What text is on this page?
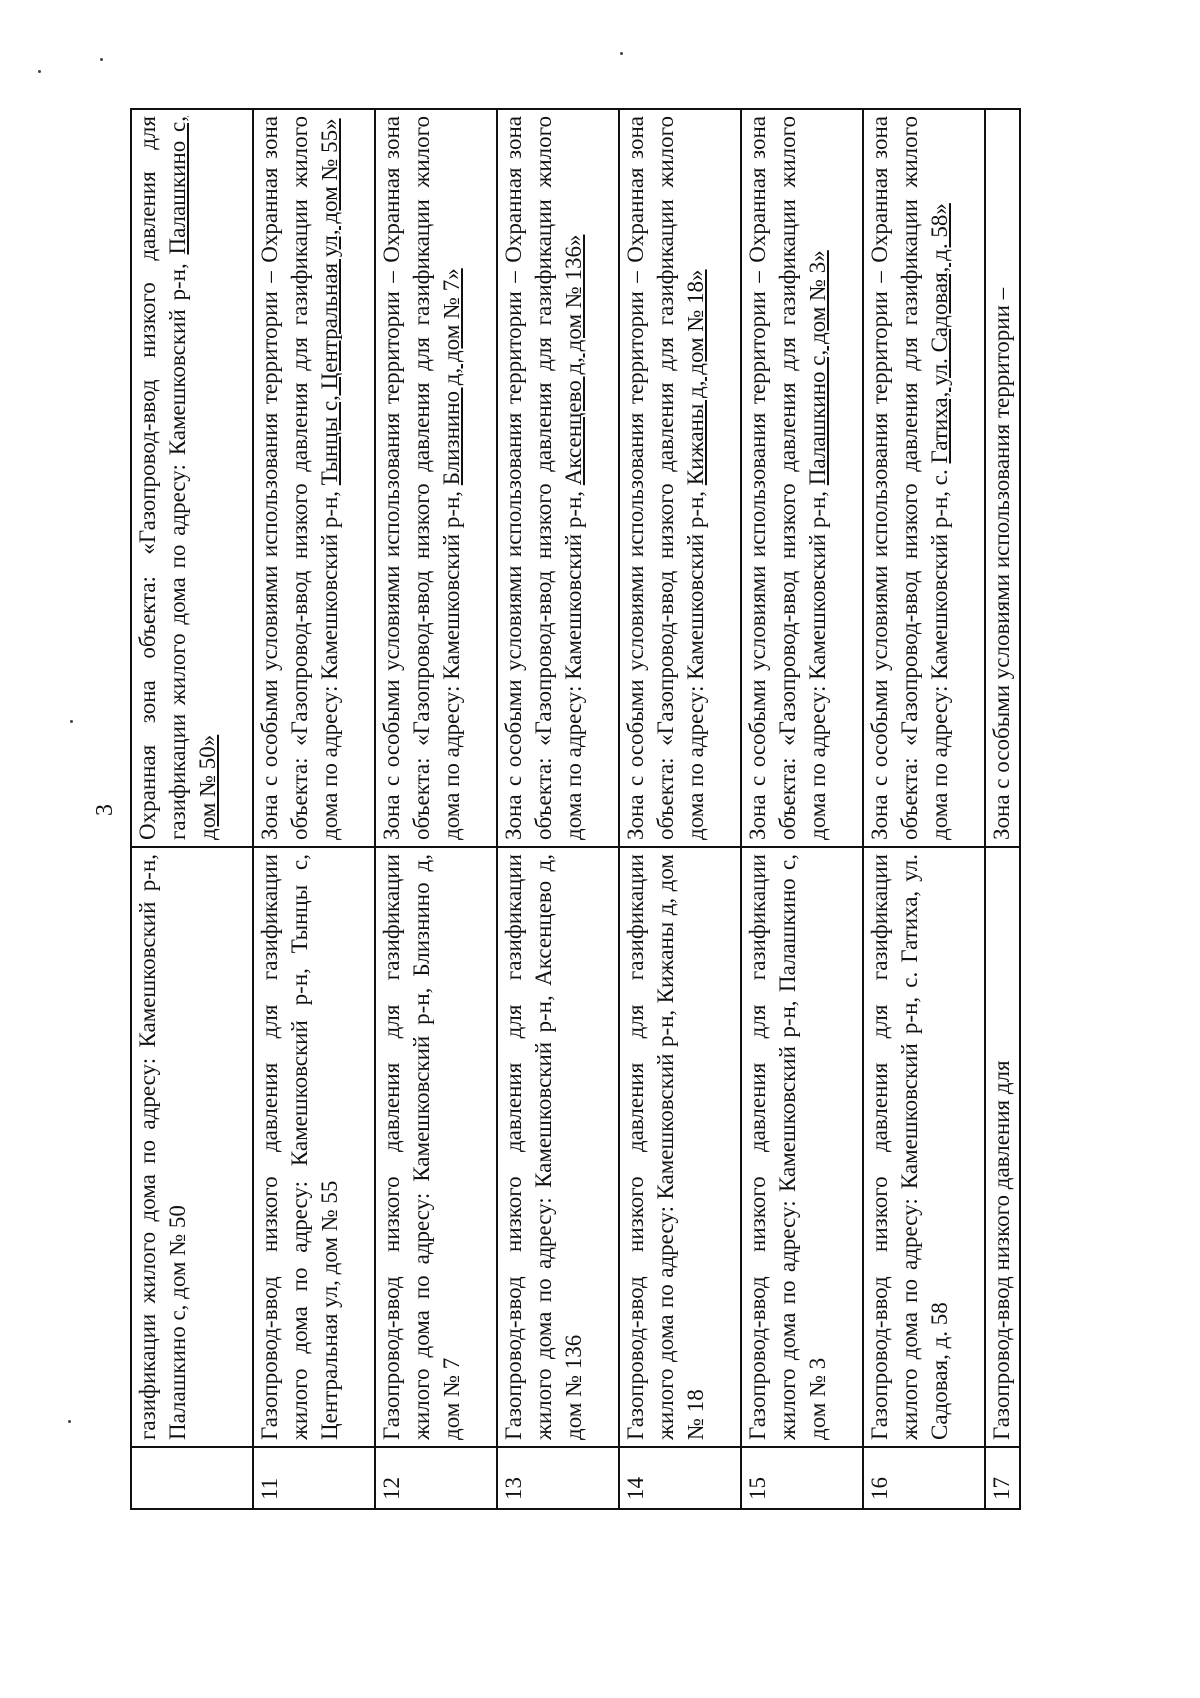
3
	газификации жилого дома по адресу: Камешковский р-н, Палашкино с, дом № 50	Охранная зона объекта: «Газопровод-ввод низкого давления для газификации жилого дома по адресу: Камешковский р-н, Палашкино с, дом № 50»
11	Газопровод-ввод низкого давления для газификации жилого дома по адресу: Камешковский р-н, Тынцы с, Центральная ул, дом № 55	Зона с особыми условиями использования территории – Охранная зона объекта: «Газопровод-ввод низкого давления для газификации жилого дома по адресу: Камешковский р-н, Тынцы с, Центральная ул, дом № 55»
12	Газопровод-ввод низкого давления для газификации жилого дома по адресу: Камешковский р-н, Близнино д, дом № 7	Зона с особыми условиями использования территории – Охранная зона объекта: «Газопровод-ввод низкого давления для газификации жилого дома по адресу: Камешковский р-н, Близнино д, дом № 7»
13	Газопровод-ввод низкого давления для газификации жилого дома по адресу: Камешковский р-н, Аксенцево д, дом № 136	Зона с особыми условиями использования территории – Охранная зона объекта: «Газопровод-ввод низкого давления для газификации жилого дома по адресу: Камешковский р-н, Аксенцево д, дом № 136»
14	Газопровод-ввод низкого давления для газификации жилого дома по адресу: Камешковский р-н, Кижаны д, дом № 18	Зона с особыми условиями использования территории – Охранная зона объекта: «Газопровод-ввод низкого давления для газификации жилого дома по адресу: Камешковский р-н, Кижаны д, дом № 18»
15	Газопровод-ввод низкого давления для газификации жилого дома по адресу: Камешковский р-н, Палашкино с, дом № 3	Зона с особыми условиями использования территории – Охранная зона объекта: «Газопровод-ввод низкого давления для газификации жилого дома по адресу: Камешковский р-н, Палашкино с, дом № 3»
16	Газопровод-ввод низкого давления для газификации жилого дома по адресу: Камешковский р-н, с. Гатиха, ул. Садовая, д. 58	Зона с особыми условиями использования территории – Охранная зона объекта: «Газопровод-ввод низкого давления для газификации жилого дома по адресу: Камешковский р-н, с. Гатиха, ул. Садовая, д. 58»
17	Газопровод-ввод низкого давления для	Зона с особыми условиями использования территории –
